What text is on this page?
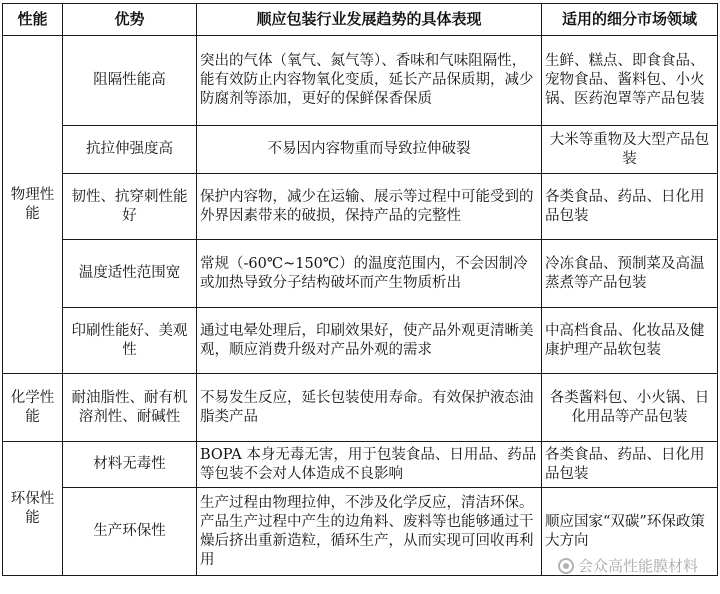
性能	优势	顺应包装行业发展趋势的具体表现	适用的细分市场领域
物理性能	阻隔性能高	突出的气体（氧气、氮气等）、香味和气味阻隔性，能有效防止内容物氧化变质，延长产品保质期，减少防腐剂等添加，更好的保鲜保香保质	生鲜、糕点、即食食品、宠物食品、酱料包、小火锅、医药泡罩等产品包装
	抗拉伸强度高	不易因内容物重而导致拉伸破裂	大米等重物及大型产品包装
	韧性、抗穿刺性能好	保护内容物，减少在运输、展示等过程中可能受到的外界因素带来的破损，保持产品的完整性	各类食品、药品、日化用品包装
	温度适性范围宽	常规（-60℃~150℃）的温度范围内，不会因制冷或加热导致分子结构破坏而产生物质析出	冷冻食品、预制菜及高温蒸煮等产品包装
	印刷性能好、美观性	通过电晕处理后，印刷效果好，使产品外观更清晰美观，顺应消费升级对产品外观的需求	中高档食品、化妆品及健康护理产品软包装
化学性能	耐油脂性、耐有机溶剂性、耐碱性	不易发生反应，延长包装使用寿命。有效保护液态油脂类产品	各类酱料包、小火锅、日化用品等产品包装
环保性能	材料无毒性	BOPA 本身无毒无害，用于包装食品、日用品、药品等包装不会对人体造成不良影响	各类食品、药品、日化用品包装
	生产环保性	生产过程由物理拉伸，不涉及化学反应，清洁环保。产品生产过程中产生的边角料、废料等也能够通过干燥后挤出重新造粒，循环生产，从而实现可回收再利用	顺应国家“双碳”环保政策大方向
会众高性能膜材料
